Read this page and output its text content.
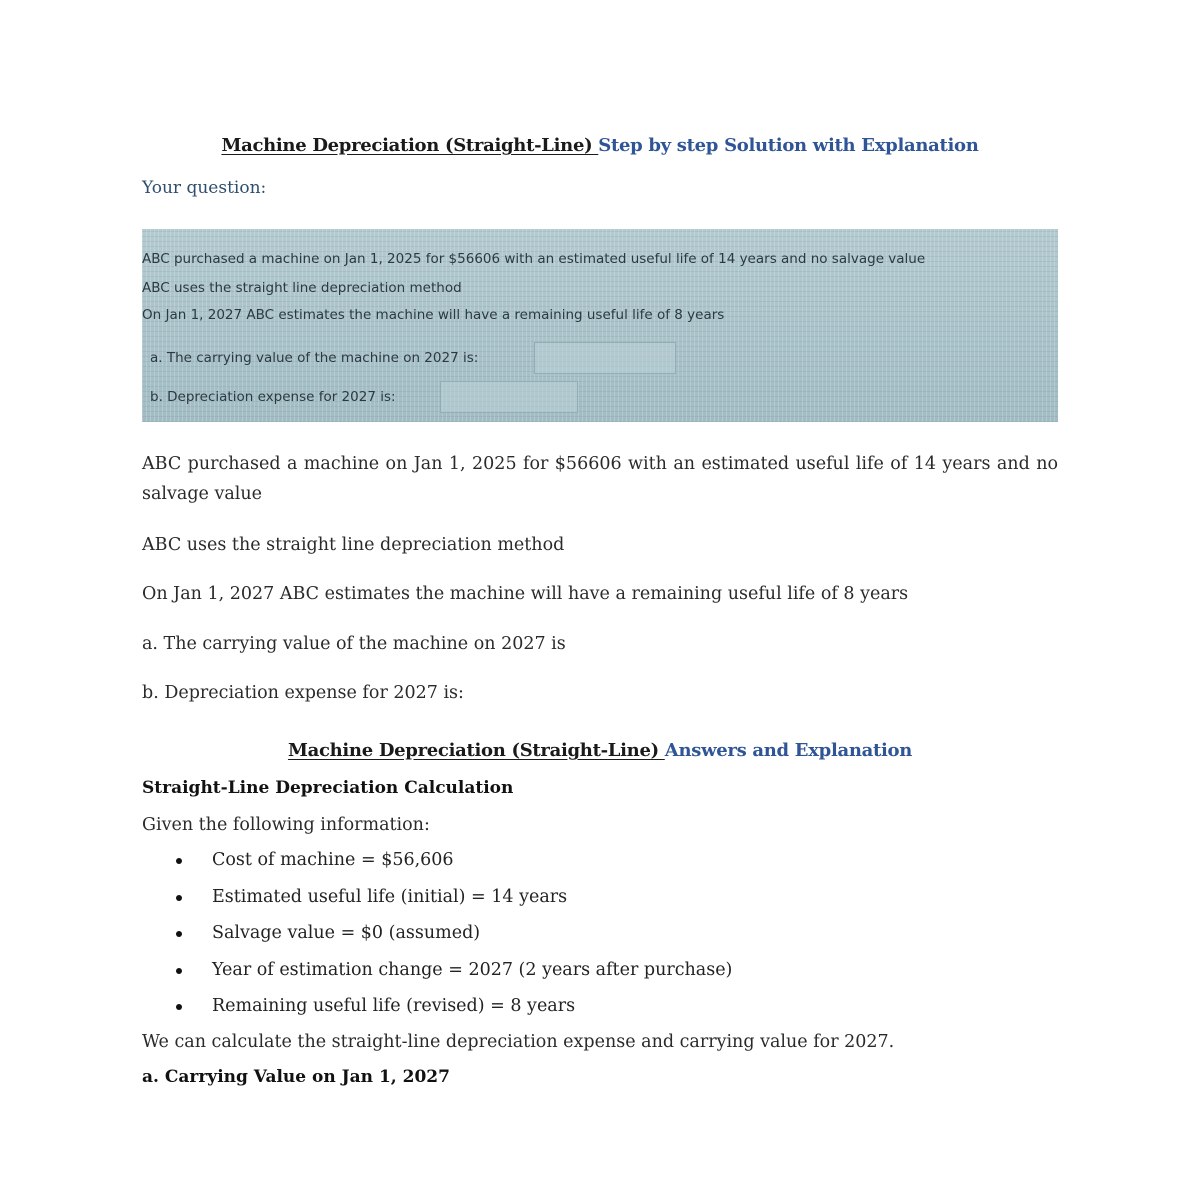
Machine Depreciation (Straight-Line) Step by step Solution with Explanation
Your question:
ABC purchased a machine on Jan 1, 2025 for $56606 with an estimated useful life of 14 years and no salvage value
ABC uses the straight line depreciation method
On Jan 1, 2027 ABC estimates the machine will have a remaining useful life of 8 years
a. The carrying value of the machine on 2027 is:
b. Depreciation expense for 2027 is:
ABC purchased a machine on Jan 1, 2025 for $56606 with an estimated useful life of 14 years and no salvage value
ABC uses the straight line depreciation method
On Jan 1, 2027 ABC estimates the machine will have a remaining useful life of 8 years
a. The carrying value of the machine on 2027 is
b. Depreciation expense for 2027 is:
Machine Depreciation (Straight-Line) Answers and Explanation
Straight-Line Depreciation Calculation
Given the following information:
Cost of machine = $56,606
Estimated useful life (initial) = 14 years
Salvage value = $0 (assumed)
Year of estimation change = 2027 (2 years after purchase)
Remaining useful life (revised) = 8 years
We can calculate the straight-line depreciation expense and carrying value for 2027.
a. Carrying Value on Jan 1, 2027
